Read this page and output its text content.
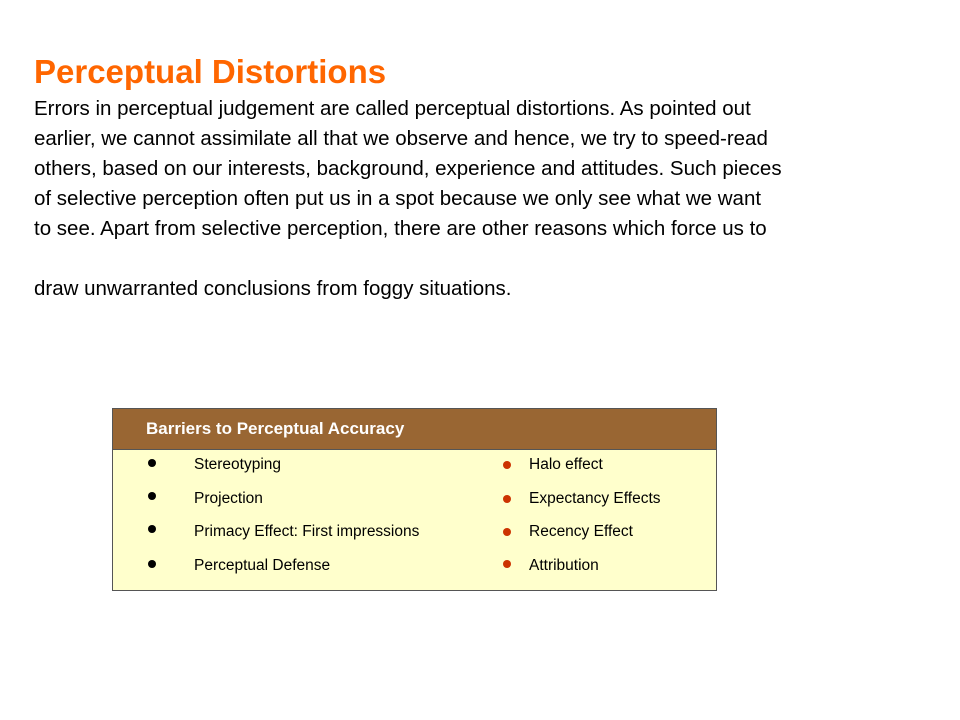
Perceptual Distortions
Errors in perceptual judgement are called perceptual distortions. As pointed out
earlier, we cannot assimilate all that we observe and hence, we try to speed-read
others, based on our interests, background, experience and attitudes. Such pieces
of selective perception often put us in a spot because we only see what we want
to see. Apart from selective perception, there are other reasons which force us to
draw unwarranted conclusions from foggy situations.
Barriers to Perceptual Accuracy
Stereotyping
Projection
Primacy Effect: First impressions
Perceptual Defense
Halo effect
Expectancy Effects
Recency Effect
Attribution
